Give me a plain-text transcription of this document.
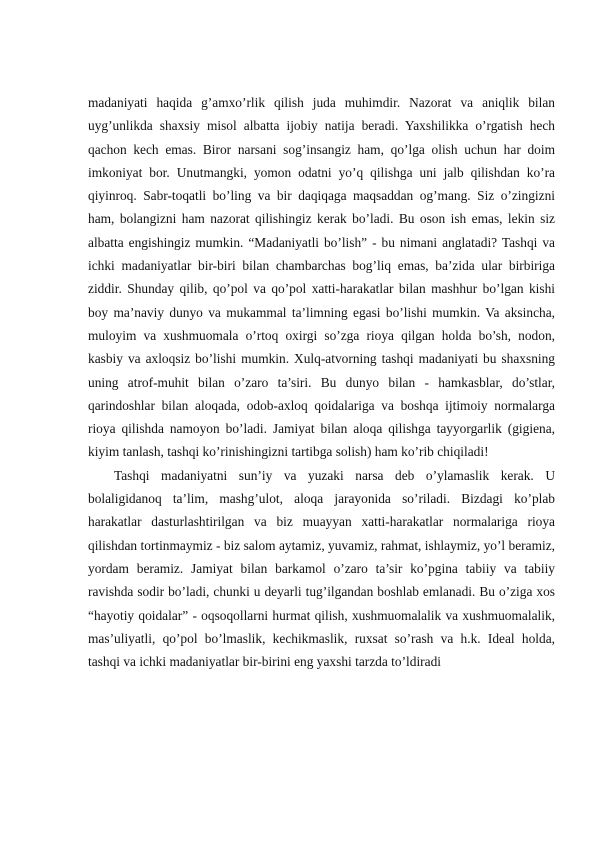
madaniyati haqida g’amxo’rlik qilish juda muhimdir. Nazorat va aniqlik bilan uyg’unlikda shaxsiy misol albatta ijobiy natija beradi. Yaxshilikka o’rgatish hech qachon kech emas. Biror narsani sog’insangiz ham, qo’lga olish uchun har doim imkoniyat bor. Unutmangki, yomon odatni yo’q qilishga uni jalb qilishdan ko’ra qiyinroq. Sabr-toqatli bo’ling va bir daqiqaga maqsaddan og’mang. Siz o’zingizni ham, bolangizni ham nazorat qilishingiz kerak bo’ladi. Bu oson ish emas, lekin siz albatta engishingiz mumkin. “Madaniyatli bo’lish” - bu nimani anglatadi? Tashqi va ichki madaniyatlar bir-biri bilan chambarchas bog’liq emas, ba’zida ular birbiriga ziddir. Shunday qilib, qo’pol va qo’pol xatti-harakatlar bilan mashhur bo’lgan kishi boy ma’naviy dunyo va mukammal ta’limning egasi bo’lishi mumkin. Va aksincha, muloyim va xushmuomala o’rtoq oxirgi so’zga rioya qilgan holda bo’sh, nodon, kasbiy va axloqsiz bo’lishi mumkin. Xulq-atvorning tashqi madaniyati bu shaxsning uning atrof-muhit bilan o’zaro ta’siri. Bu dunyo bilan - hamkasblar, do’stlar, qarindoshlar bilan aloqada, odob-axloq qoidalariga va boshqa ijtimoiy normalarga rioya qilishda namoyon bo’ladi. Jamiyat bilan aloqa qilishga tayyorgarlik (gigiena, kiyim tanlash, tashqi ko’rinishingizni tartibga solish) ham ko’rib chiqiladi!

Tashqi madaniyatni sun’iy va yuzaki narsa deb o’ylamaslik kerak. U bolaligidanoq ta’lim, mashg’ulot, aloqa jarayonida so’riladi. Bizdagi ko’plab harakatlar dasturlashtirilgan va biz muayyan xatti-harakatlar normalariga rioya qilishdan tortinmaymiz - biz salom aytamiz, yuvamiz, rahmat, ishlaymiz, yo’l beramiz, yordam beramiz. Jamiyat bilan barkamol o’zaro ta’sir ko’pgina tabiiy va tabiiy ravishda sodir bo’ladi, chunki u deyarli tug’ilgandan boshlab emlanadi. Bu o’ziga xos “hayotiy qoidalar” - oqsoqollarni hurmat qilish, xushmuomalalik va xushmuomalalik, mas’uliyatli, qo’pol bo’lmaslik, kechikmaslik, ruxsat so’rash va h.k. Ideal holda, tashqi va ichki madaniyatlar bir-birini eng yaxshi tarzda to’ldiradi
